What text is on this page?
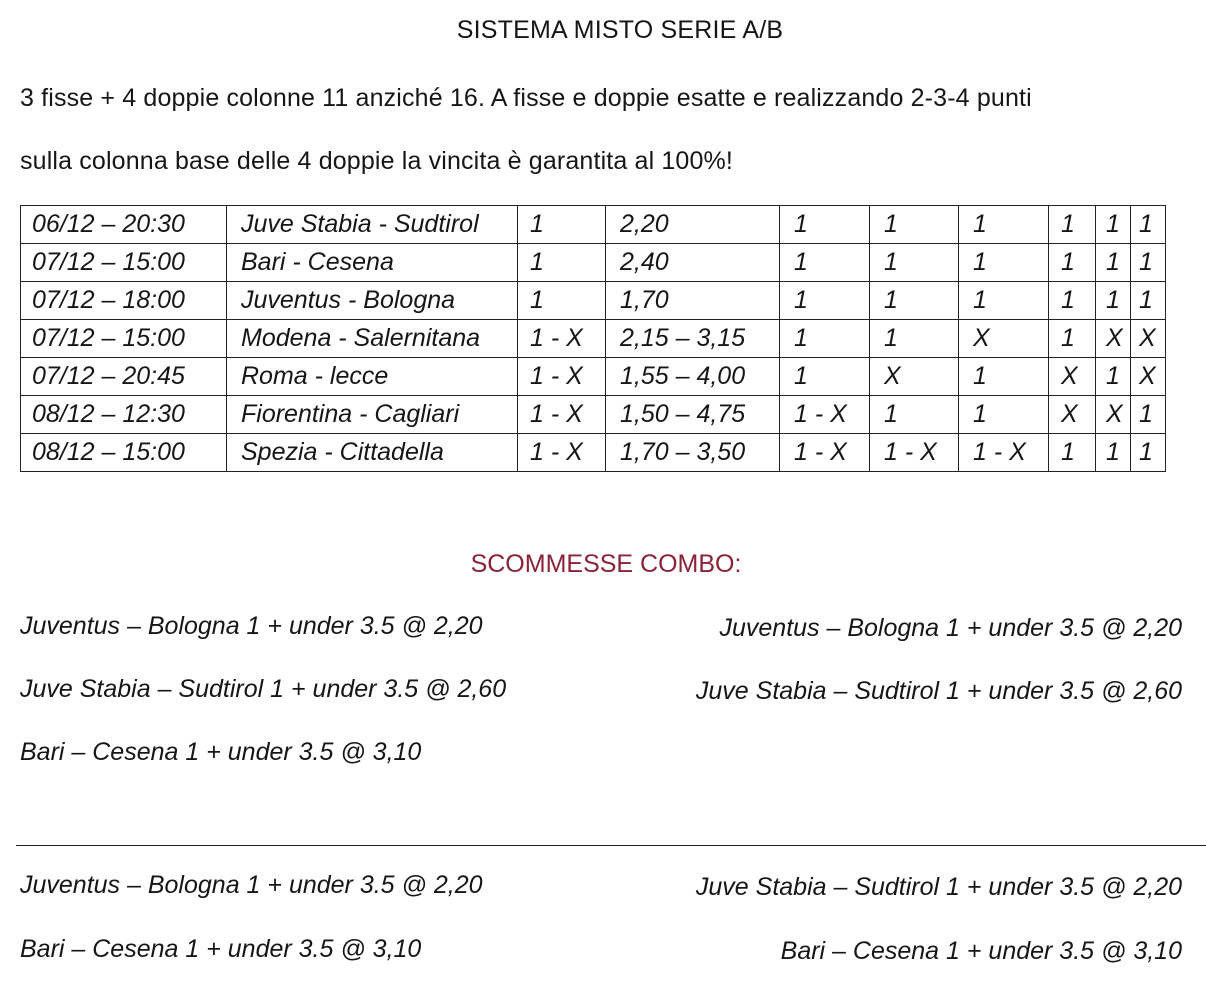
SISTEMA MISTO SERIE A/B
3 fisse + 4 doppie colonne 11 anziché 16. A fisse e doppie esatte e realizzando 2-3-4 punti
sulla colonna base delle 4 doppie la vincita è garantita al 100%!
06/12 – 20:30	Juve Stabia - Sudtirol	1	2,20	1	1	1	1	1	1
07/12 – 15:00	Bari - Cesena	1	2,40	1	1	1	1	1	1
07/12 – 18:00	Juventus - Bologna	1	1,70	1	1	1	1	1	1
07/12 – 15:00	Modena - Salernitana	1 - X	2,15 – 3,15	1	1	X	1	X	X
07/12 – 20:45	Roma - lecce	1 - X	1,55 – 4,00	1	X	1	X	1	X
08/12 – 12:30	Fiorentina - Cagliari	1 - X	1,50 – 4,75	1 - X	1	1	X	X	1
08/12 – 15:00	Spezia - Cittadella	1 - X	1,70 – 3,50	1 - X	1 - X	1 - X	1	1	1
SCOMMESSE COMBO:
Juventus – Bologna 1 + under 3.5 @ 2,20
Juve Stabia – Sudtirol 1 + under 3.5 @ 2,60
Bari – Cesena 1 + under 3.5 @ 3,10
Juventus – Bologna 1 + under 3.5 @ 2,20
Juve Stabia – Sudtirol 1 + under 3.5 @ 2,60
Juventus – Bologna 1 + under 3.5 @ 2,20
Bari – Cesena 1 + under 3.5 @ 3,10
Juve Stabia – Sudtirol 1 + under 3.5 @ 2,20
Bari – Cesena 1 + under 3.5 @ 3,10
